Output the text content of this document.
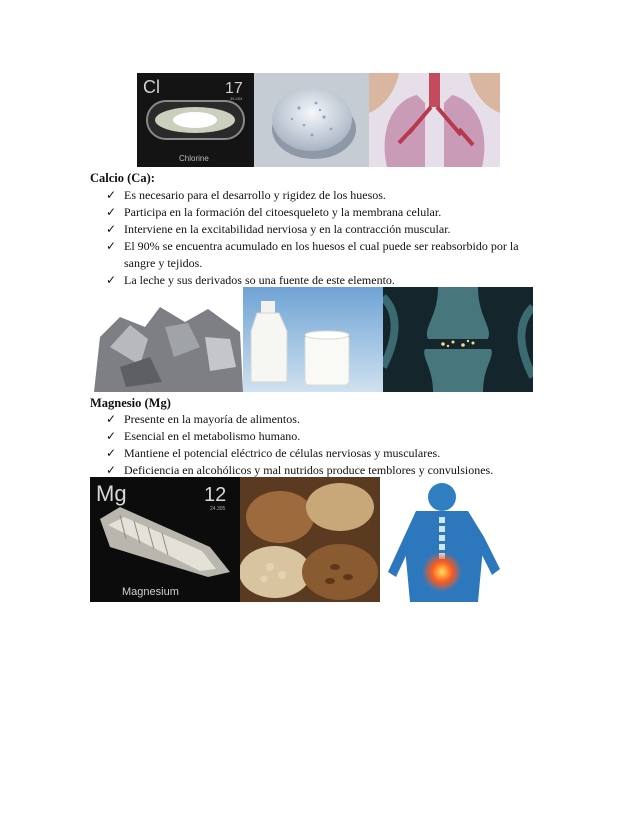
Cl	17
35.453
Chlorine
Calcio (Ca):
✓ Es necesario para el desarrollo y rigidez de los huesos.
✓ Participa en la formación del citoesqueleto y la membrana celular.
✓ Interviene en la excitabilidad nerviosa y en la contracción muscular.
✓ El 90% se encuentra acumulado en los huesos el cual puede ser reabsorbido por la
sangre y tejidos.
✓ La leche y sus derivados so una fuente de este elemento.
Magnesio (Mg)
✓ Presente en la mayoría de alimentos.
✓ Esencial en el metabolismo humano.
✓ Mantiene el potencial eléctrico de células nerviosas y musculares.
✓ Deficiencia en alcohólicos y mal nutridos produce temblores y convulsiones.
Mg	12
24.305
Magnesium
